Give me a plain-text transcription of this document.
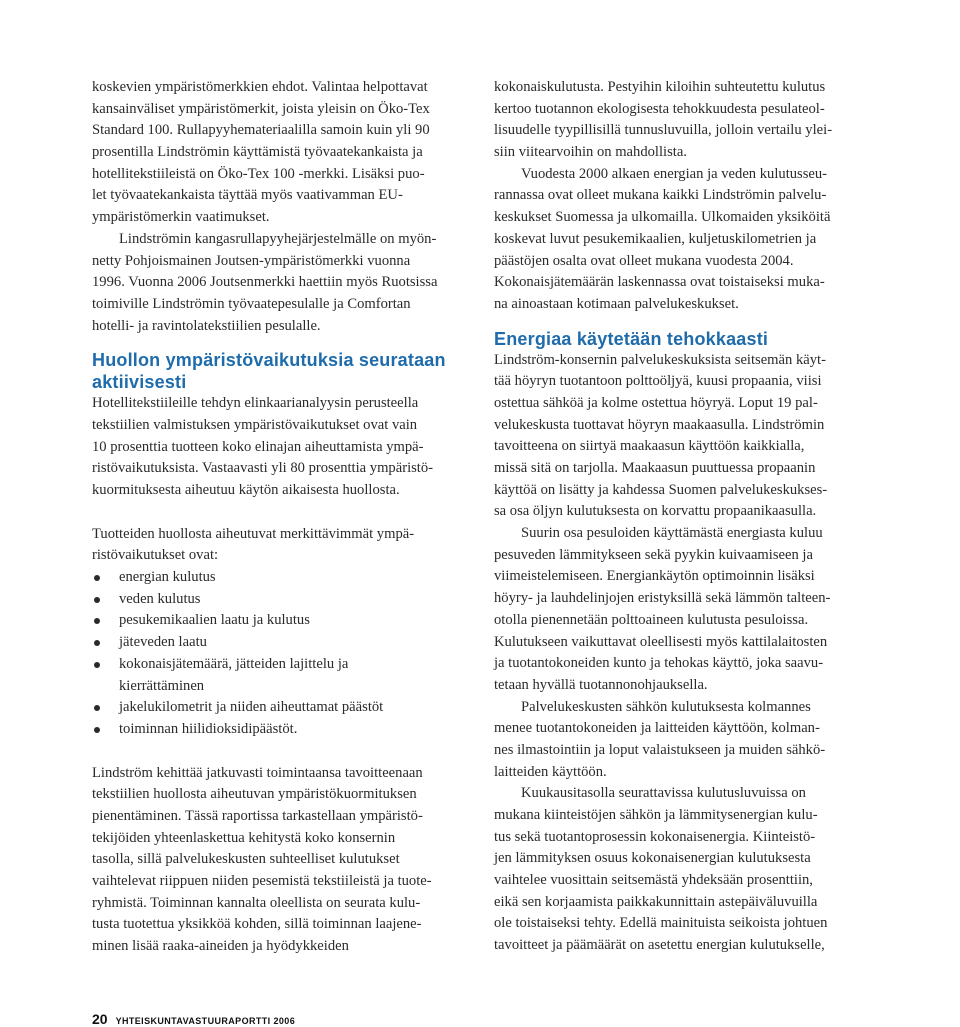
koskevien ympäristömerkkien ehdot. Valintaa helpottavat
kansainväliset ympäristömerkit, joista yleisin on Öko-Tex
Standard 100. Rullapyyhemateriaalilla samoin kuin yli 90
prosentilla Lindströmin käyttämistä työvaatekankaista ja
hotellitekstiileistä on Öko-Tex 100 -merkki. Lisäksi puo-
let työvaatekankaista täyttää myös vaativamman EU-
ympäristömerkin vaatimukset.
Lindströmin kangasrullapyyhejärjestelmälle on myön-
netty Pohjoismainen Joutsen-ympäristömerkki vuonna
1996. Vuonna 2006 Joutsenmerkki haettiin myös Ruotsissa
toimiville Lindströmin työvaatepesulalle ja Comfortan
hotelli- ja ravintolatekstiilien pesulalle.
Huollon ympäristövaikutuksia seurataan
aktiivisesti
Hotellitekstiileille tehdyn elinkaarianalyysin perusteella
tekstiilien valmistuksen ympäristövaikutukset ovat vain
10 prosenttia tuotteen koko elinajan aiheuttamista ympä-
ristövaikutuksista. Vastaavasti yli 80 prosenttia ympäristö-
kuormituksesta aiheutuu käytön aikaisesta huollosta.
Tuotteiden huollosta aiheutuvat merkittävimmät ympä-
ristövaikutukset ovat:
energian kulutus
veden kulutus
pesukemikaalien laatu ja kulutus
jäteveden laatu
kokonaisjätemäärä, jätteiden lajittelu ja
kierrättäminen
jakelukilometrit ja niiden aiheuttamat päästöt
toiminnan hiilidioksidipäästöt.
Lindström kehittää jatkuvasti toimintaansa tavoitteenaan
tekstiilien huollosta aiheutuvan ympäristökuormituksen
pienentäminen. Tässä raportissa tarkastellaan ympäristö-
tekijöiden yhteenlaskettua kehitystä koko konsernin
tasolla, sillä palvelukeskusten suhteelliset kulutukset
vaihtelevat riippuen niiden pesemistä tekstiileistä ja tuote-
ryhmistä. Toiminnan kannalta oleellista on seurata kulu-
tusta tuotettua yksikköä kohden, sillä toiminnan laajene-
minen lisää raaka-aineiden ja hyödykkeiden
kokonaiskulutusta. Pestyihin kiloihin suhteutettu kulutus
kertoo tuotannon ekologisesta tehokkuudesta pesulateol-
lisuudelle tyypillisillä tunnusluvuilla, jolloin vertailu ylei-
siin viitearvoihin on mahdollista.
Vuodesta 2000 alkaen energian ja veden kulutusseu-
rannassa ovat olleet mukana kaikki Lindströmin palvelu-
keskukset Suomessa ja ulkomailla. Ulkomaiden yksiköitä
koskevat luvut pesukemikaalien, kuljetuskilometrien ja
päästöjen osalta ovat olleet mukana vuodesta 2004.
Kokonaisjätemäärän laskennassa ovat toistaiseksi muka-
na ainoastaan kotimaan palvelukeskukset.
Energiaa käytetään tehokkaasti
Lindström-konsernin palvelukeskuksista seitsemän käyt-
tää höyryn tuotantoon polttoöljyä, kuusi propaania, viisi
ostettua sähköä ja kolme ostettua höyryä. Loput 19 pal-
velukeskusta tuottavat höyryn maakaasulla. Lindströmin
tavoitteena on siirtyä maakaasun käyttöön kaikkialla,
missä sitä on tarjolla. Maakaasun puuttuessa propaanin
käyttöä on lisätty ja kahdessa Suomen palvelukeskukses-
sa osa öljyn kulutuksesta on korvattu propaanikaasulla.
Suurin osa pesuloiden käyttämästä energiasta kuluu
pesuveden lämmitykseen sekä pyykin kuivaamiseen ja
viimeistelemiseen. Energiankäytön optimoinnin lisäksi
höyry- ja lauhdelinjojen eristyksillä sekä lämmön talteen-
otolla pienennetään polttoaineen kulutusta pesuloissa.
Kulutukseen vaikuttavat oleellisesti myös kattilalaitosten
ja tuotantokoneiden kunto ja tehokas käyttö, joka saavu-
tetaan hyvällä tuotannonohjauksella.
Palvelukeskusten sähkön kulutuksesta kolmannes
menee tuotantokoneiden ja laitteiden käyttöön, kolman-
nes ilmastointiin ja loput valaistukseen ja muiden sähkö-
laitteiden käyttöön.
Kuukausitasolla seurattavissa kulutusluvuissa on
mukana kiinteistöjen sähkön ja lämmitysenergian kulu-
tus sekä tuotantoprosessin kokonaisenergia. Kiinteistö-
jen lämmityksen osuus kokonaisenergian kulutuksesta
vaihtelee vuosittain seitsemästä yhdeksään prosenttiin,
eikä sen korjaamista paikkakunnittain astepäiväluvuilla
ole toistaiseksi tehty. Edellä mainituista seikoista johtuen
tavoitteet ja päämäärät on asetettu energian kulutukselle,
20 YHTEISKUNTAVASTUURAPORTTI 2006
